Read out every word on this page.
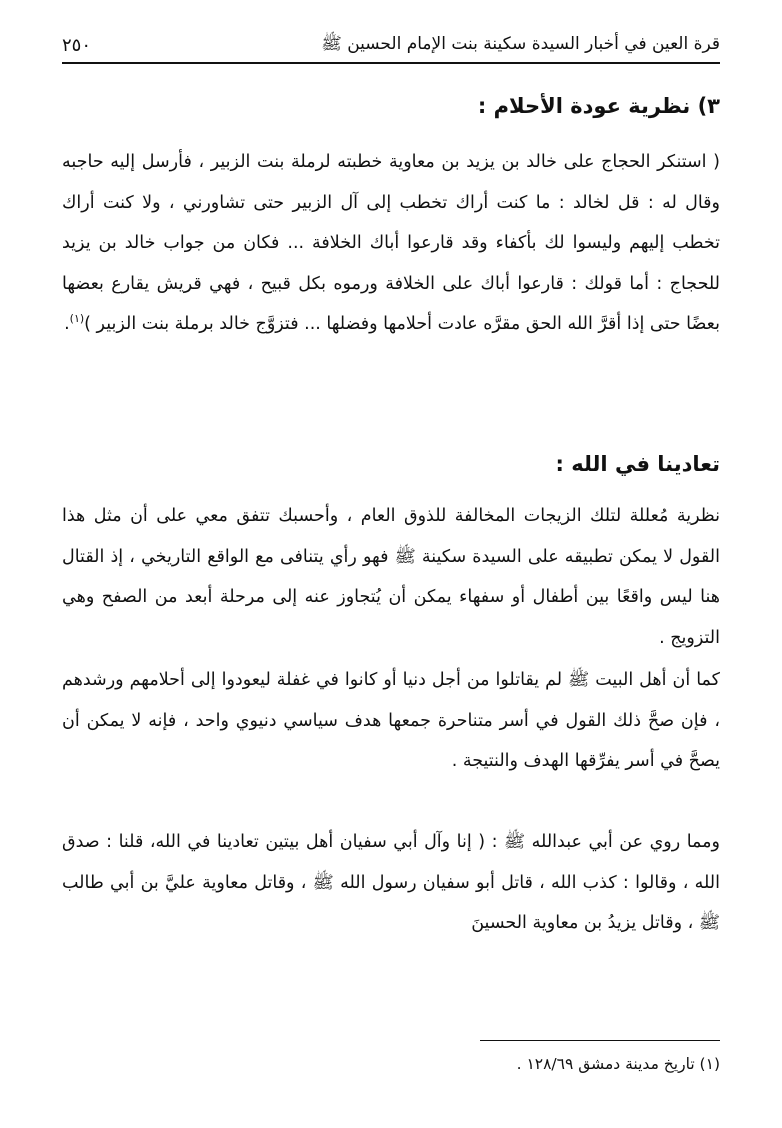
قرة العين في أخبار السيدة سكينة بنت الإمام الحسين ﷺ
٢٥٠
٣) نظرية عودة الأحلام :

( استنكر الحجاج على خالد بن يزيد بن معاوية خطبته لرملة بنت الزبير ، فأرسل إليه حاجبه وقال له : قل لخالد : ما كنت أراك تخطب إلى آل الزبير حتى تشاورني ، ولا كنت أراك تخطب إليهم وليسوا لك بأكفاء وقد قارعوا أباك الخلافة ... فكان من جواب خالد بن يزيد للحجاج : أما قولك : قارعوا أباك على الخلافة ورموه بكل قبيح ، فهي قريش يقارع بعضها بعضًا حتى إذا أقرَّ الله الحق مقرَّه عادت أحلامها وفضلها ... فتزوَّج خالد برملة بنت الزبير )$^{(١)}$.

تعادينا في الله :

نظرية مُعللة لتلك الزيجات المخالفة للذوق العام ، وأحسبك تتفق معي على أن مثل هذا القول لا يمكن تطبيقه على السيدة سكينة ﷺ فهو رأي يتنافى مع الواقع التاريخي ، إذ القتال هنا ليس واقعًا بين أطفال أو سفهاء يمكن أن يُتجاوز عنه إلى مرحلة أبعد من الصفح وهي التزويج .

كما أن أهل البيت ﷺ لم يقاتلوا من أجل دنيا أو كانوا في غفلة ليعودوا إلى أحلامهم ورشدهم ، فإن صحَّ ذلك القول في أسر متناحرة جمعها هدف سياسي دنيوي واحد ، فإنه لا يمكن أن يصحَّ في أسر يفرِّقها الهدف والنتيجة .

ومما روي عن أبي عبدالله ﷺ : ( إنا وآل أبي سفيان أهل بيتين تعادينا في الله، قلنا : صدق الله ، وقالوا : كذب الله ، قاتل أبو سفيان رسول الله ﷺ ، وقاتل معاوية عليَّ بن أبي طالب ﷺ ، وقاتل يزيدُ بن معاوية الحسينَ

(١) تاريخ مدينة دمشق ١٢٨/٦٩ .
